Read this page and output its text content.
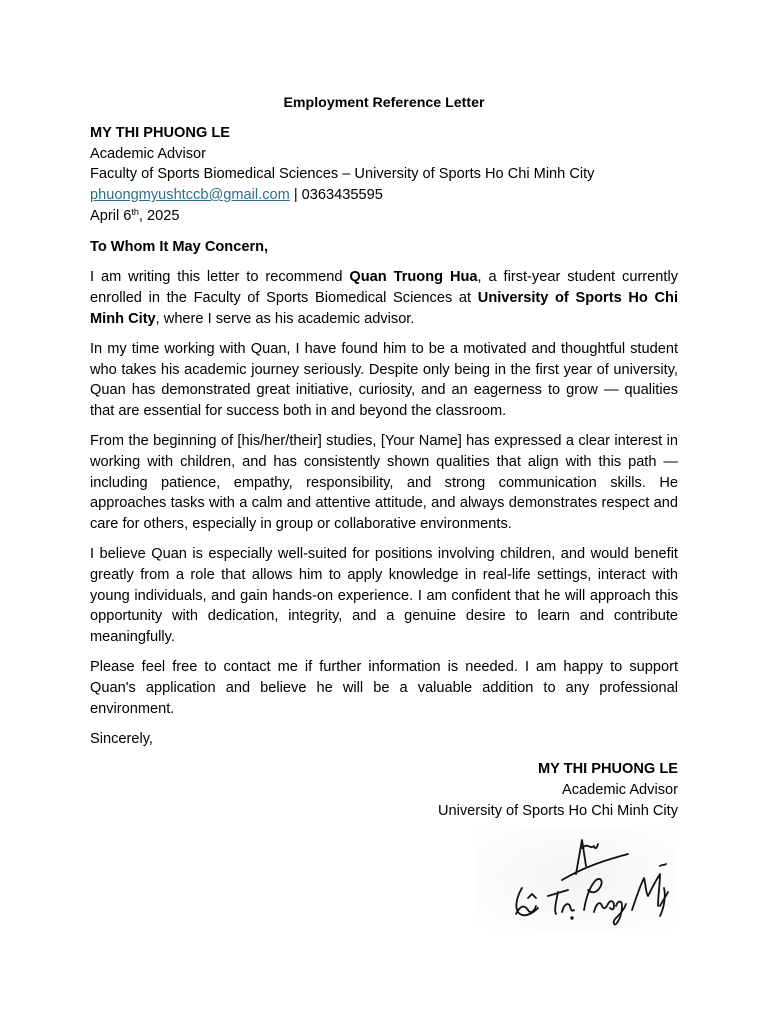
Employment Reference Letter
MY THI PHUONG LE
Academic Advisor
Faculty of Sports Biomedical Sciences – University of Sports Ho Chi Minh City
phuongmyushtccb@gmail.com | 0363435595
April 6th, 2025
To Whom It May Concern,

I am writing this letter to recommend Quan Truong Hua, a first-year student currently enrolled in the Faculty of Sports Biomedical Sciences at University of Sports Ho Chi Minh City, where I serve as his academic advisor.

In my time working with Quan, I have found him to be a motivated and thoughtful student who takes his academic journey seriously. Despite only being in the first year of university, Quan has demonstrated great initiative, curiosity, and an eagerness to grow — qualities that are essential for success both in and beyond the classroom.

From the beginning of [his/her/their] studies, [Your Name] has expressed a clear interest in working with children, and has consistently shown qualities that align with this path — including patience, empathy, responsibility, and strong communication skills. He approaches tasks with a calm and attentive attitude, and always demonstrates respect and care for others, especially in group or collaborative environments.

I believe Quan is especially well-suited for positions involving children, and would benefit greatly from a role that allows him to apply knowledge in real-life settings, interact with young individuals, and gain hands-on experience. I am confident that he will approach this opportunity with dedication, integrity, and a genuine desire to learn and contribute meaningfully.

Please feel free to contact me if further information is needed. I am happy to support Quan's application and believe he will be a valuable addition to any professional environment.

Sincerely,
MY THI PHUONG LE
Academic Advisor
University of Sports Ho Chi Minh City
